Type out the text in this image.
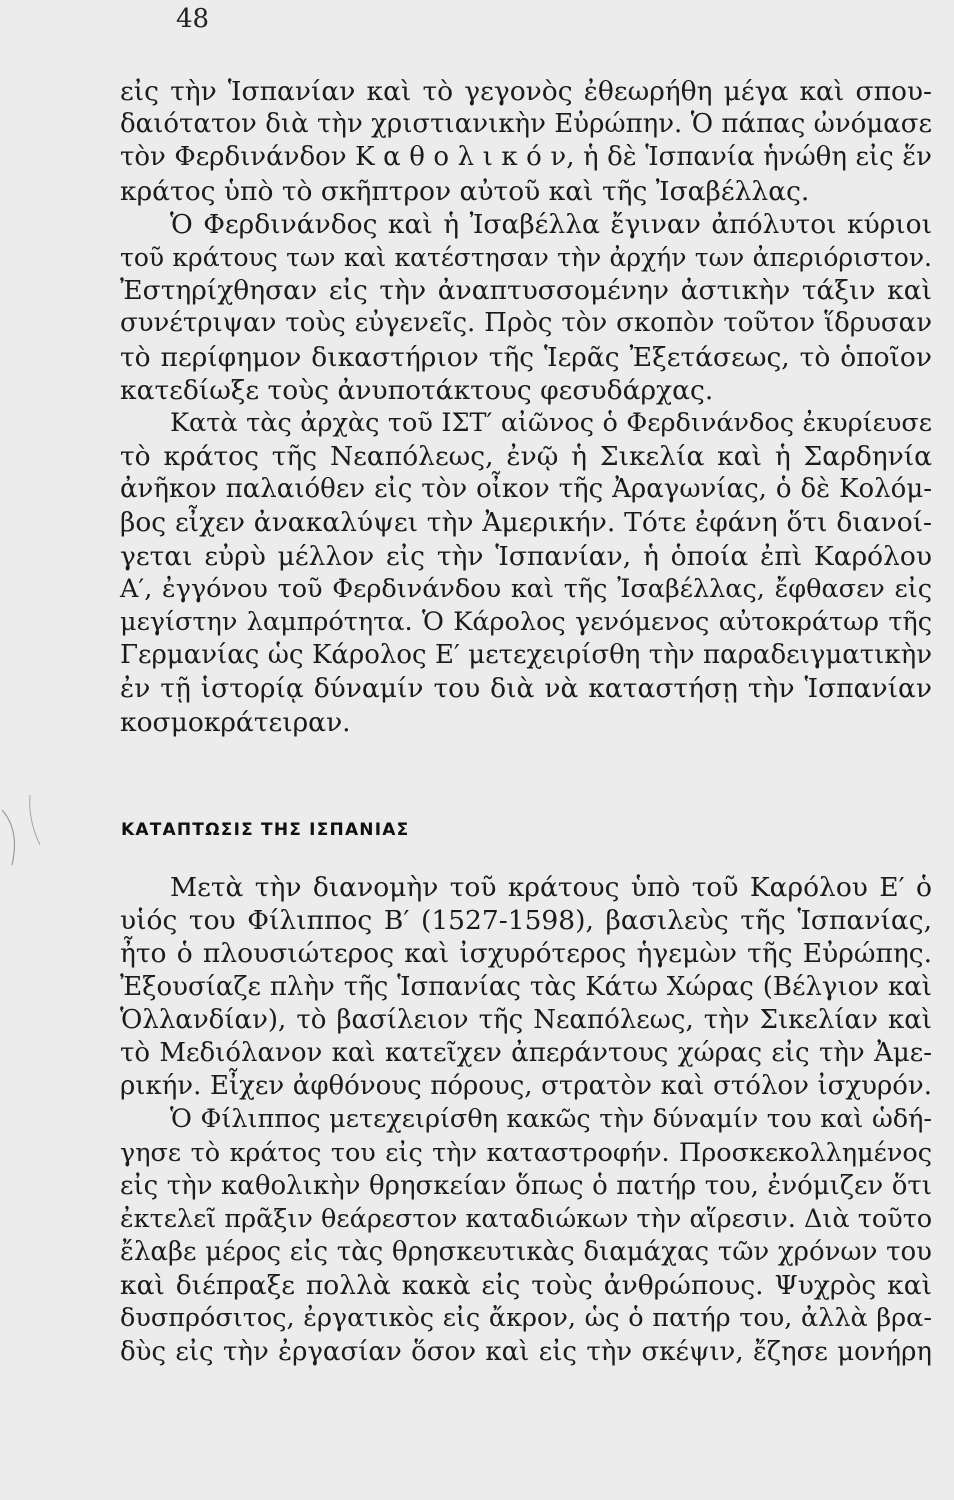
48
εἰς τὴν Ἱσπανίαν καὶ τὸ γεγονὸς ἐθεωρήθη μέγα καὶ σπου-
δαιότατον διὰ τὴν χριστιανικὴν Εὐρώπην. Ὁ πάπας ὠνόμασε
τὸν Φερδινάνδον Κ α θ ο λ ι κ ό ν, ἡ δὲ Ἱσπανία ἡνώθη εἰς ἕν
κράτος ὑπὸ τὸ σκῆπτρον αὐτοῦ καὶ τῆς Ἰσαβέλλας.
Ὁ Φερδινάνδος καὶ ἡ Ἰσαβέλλα ἔγιναν ἀπόλυτοι κύριοι
τοῦ κράτους των καὶ κατέστησαν τὴν ἀρχήν των ἀπεριόριστον.
Ἐστηρίχθησαν εἰς τὴν ἀναπτυσσομένην ἀστικὴν τάξιν καὶ
συνέτριψαν τοὺς εὐγενεῖς. Πρὸς τὸν σκοπὸν τοῦτον ἵδρυσαν
τὸ περίφημον δικαστήριον τῆς Ἱερᾶς Ἐξετάσεως, τὸ ὁποῖον
κατεδίωξε τοὺς ἀνυποτάκτους φεσυδάρχας.
Κατὰ τὰς ἀρχὰς τοῦ ΙΣΤ′ αἰῶνος ὁ Φερδινάνδος ἐκυρίευσε
τὸ κράτος τῆς Νεαπόλεως, ἐνῷ ἡ Σικελία καὶ ἡ Σαρδηνία
ἀνῆκον παλαιόθεν εἰς τὸν οἶκον τῆς Ἀραγωνίας, ὁ δὲ Κολόμ-
βος εἶχεν ἀνακαλύψει τὴν Ἀμερικήν. Τότε ἐφάνη ὅτι διανοί-
γεται εὐρὺ μέλλον εἰς τὴν Ἱσπανίαν, ἡ ὁποία ἐπὶ Καρόλου
Α′, ἐγγόνου τοῦ Φερδινάνδου καὶ τῆς Ἰσαβέλλας, ἔφθασεν εἰς
μεγίστην λαμπρότητα. Ὁ Κάρολος γενόμενος αὐτοκράτωρ τῆς
Γερμανίας ὡς Κάρολος Ε′ μετεχειρίσθη τὴν παραδειγματικὴν
ἐν τῇ ἱστορίᾳ δύναμίν του διὰ νὰ καταστήσῃ τὴν Ἱσπανίαν
κοσμοκράτειραν.
ΚΑΤΑΠΤΩΣΙΣ ΤΗΣ ΙΣΠΑΝΙΑΣ
Μετὰ τὴν διανομὴν τοῦ κράτους ὑπὸ τοῦ Καρόλου Ε′ ὁ
υἱός του Φίλιππος Β′ (1527-1598), βασιλεὺς τῆς Ἱσπανίας,
ἦτο ὁ πλουσιώτερος καὶ ἰσχυρότερος ἡγεμὼν τῆς Εὐρώπης.
Ἐξουσίαζε πλὴν τῆς Ἱσπανίας τὰς Κάτω Χώρας (Βέλγιον καὶ
Ὁλλανδίαν), τὸ βασίλειον τῆς Νεαπόλεως, τὴν Σικελίαν καὶ
τὸ Μεδιόλανον καὶ κατεῖχεν ἀπεράντους χώρας εἰς τὴν Ἀμε-
ρικήν. Εἶχεν ἀφθόνους πόρους, στρατὸν καὶ στόλον ἰσχυρόν.
Ὁ Φίλιππος μετεχειρίσθη κακῶς τὴν δύναμίν του καὶ ὡδή-
γησε τὸ κράτος του εἰς τὴν καταστροφήν. Προσκεκολλημένος
εἰς τὴν καθολικὴν θρησκείαν ὅπως ὁ πατήρ του, ἐνόμιζεν ὅτι
ἐκτελεῖ πρᾶξιν θεάρεστον καταδιώκων τὴν αἵρεσιν. Διὰ τοῦτο
ἔλαβε μέρος εἰς τὰς θρησκευτικὰς διαμάχας τῶν χρόνων του
καὶ διέπραξε πολλὰ κακὰ εἰς τοὺς ἀνθρώπους. Ψυχρὸς καὶ
δυσπρόσιτος, ἐργατικὸς εἰς ἄκρον, ὡς ὁ πατήρ του, ἀλλὰ βρα-
δὺς εἰς τὴν ἐργασίαν ὅσον καὶ εἰς τὴν σκέψιν, ἔζησε μονήρη
